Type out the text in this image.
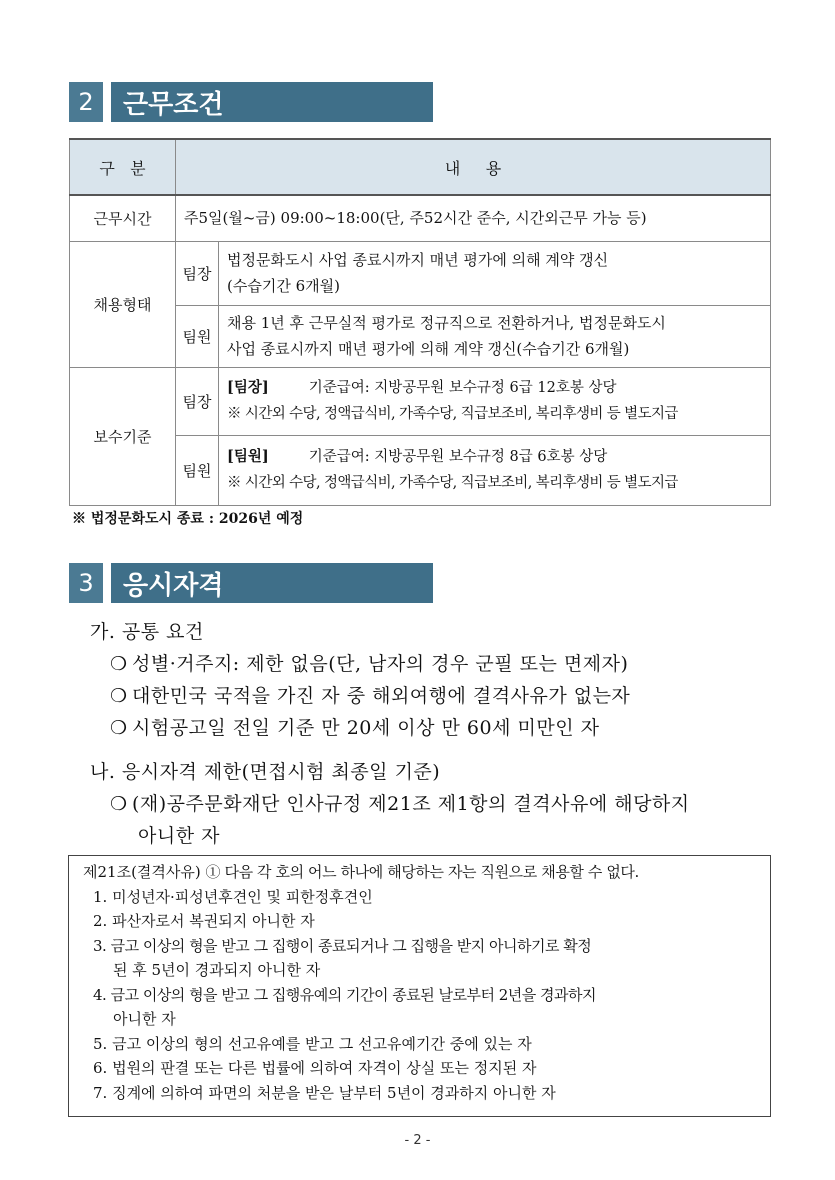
2	근무조건
구   분	내     용	
근무시간	주5일(월~금) 09:00~18:00(단, 주52시간 준수, 시간외근무 가능 등)	
채용형태	팀장	법정문화도시 사업 종료시까지 매년 평가에 의해 계약 갱신
(수습기간 6개월)

	팀원	채용 1년 후 근무실적 평가로 정규직으로 전환하거나, 법정문화도시
사업 종료시까지 매년 평가에 의해 계약 갱신(수습기간 6개월)

보수기준	팀장	[팀장] 기준급여: 지방공무원 보수규정 6급 12호봉 상당
※ 시간외 수당, 정액급식비, 가족수당, 직급보조비, 복리후생비 등 별도지급

	팀원	[팀원] 기준급여: 지방공무원 보수규정 8급 6호봉 상당
※ 시간외 수당, 정액급식비, 가족수당, 직급보조비, 복리후생비 등 별도지급
※ 법정문화도시 종료 : 2026년 예정
3	응시자격
가. 공통 요건
❍ 성별·거주지: 제한 없음(단, 남자의 경우 군필 또는 면제자)
❍ 대한민국 국적을 가진 자 중 해외여행에 결격사유가 없는자
❍ 시험공고일 전일 기준 만 20세 이상 만 60세 미만인 자
나. 응시자격 제한(면접시험 최종일 기준)
❍ (재)공주문화재단 인사규정 제21조 제1항의 결격사유에 해당하지
아니한 자
제21조(결격사유) ① 다음 각 호의 어느 하나에 해당하는 자는 직원으로 채용할 수 없다.
1. 미성년자·피성년후견인 및 피한정후견인
2. 파산자로서 복권되지 아니한 자
3. 금고 이상의 형을 받고 그 집행이 종료되거나 그 집행을 받지 아니하기로 확정
된 후 5년이 경과되지 아니한 자
4. 금고 이상의 형을 받고 그 집행유예의 기간이 종료된 날로부터 2년을 경과하지
아니한 자
5. 금고 이상의 형의 선고유예를 받고 그 선고유예기간 중에 있는 자
6. 법원의 판결 또는 다른 법률에 의하여 자격이 상실 또는 정지된 자
7. 징계에 의하여 파면의 처분을 받은 날부터 5년이 경과하지 아니한 자
- 2 -
